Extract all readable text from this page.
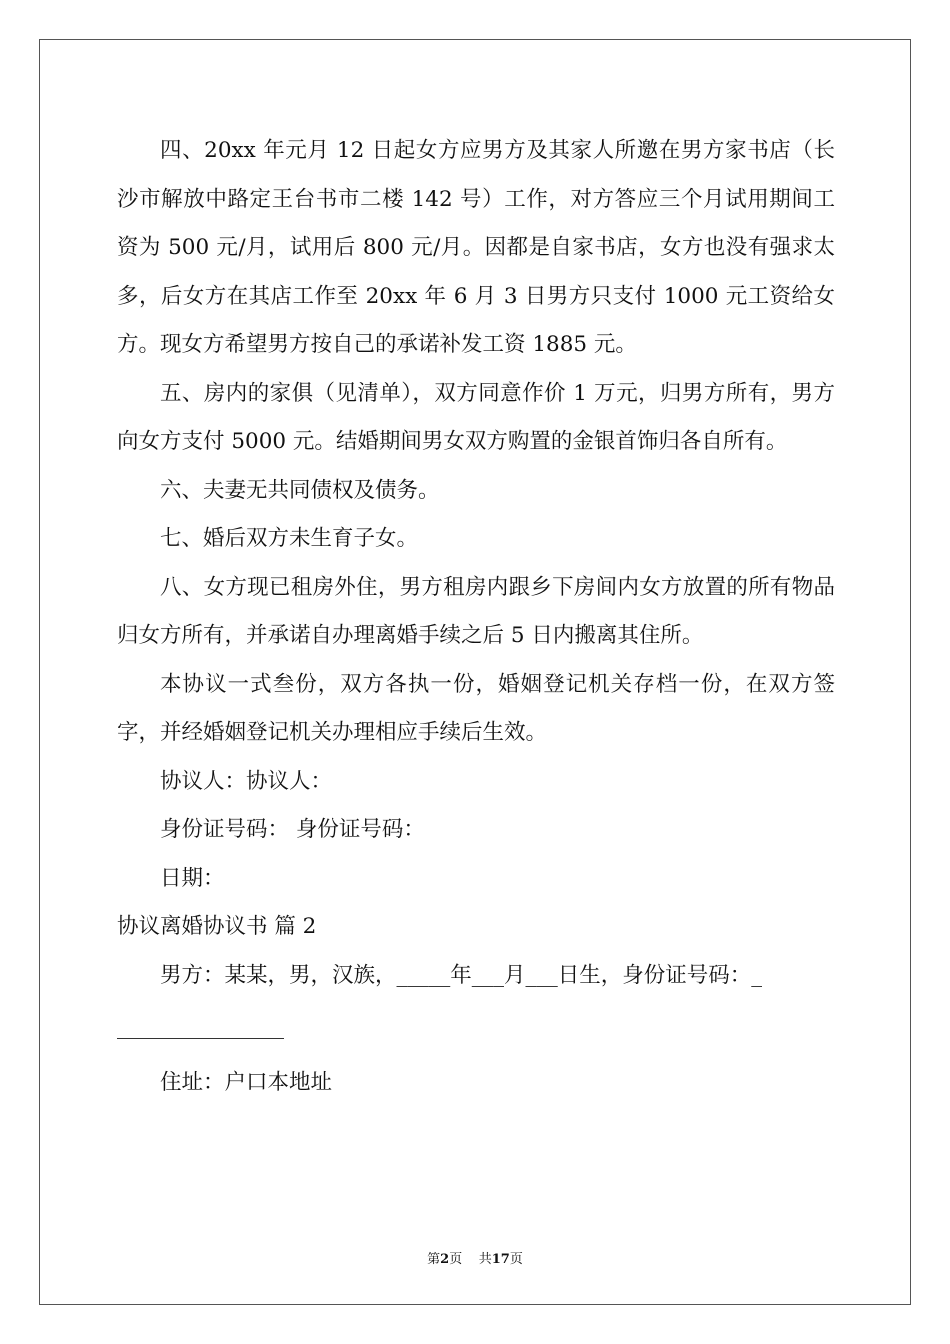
四、20xx 年元月 12 日起女方应男方及其家人所邀在男方家书店（长沙市解放中路定王台书市二楼 142 号）工作，对方答应三个月试用期间工资为 500 元/月，试用后 800 元/月。因都是自家书店，女方也没有强求太多，后女方在其店工作至 20xx 年 6 月 3 日男方只支付 1000 元工资给女方。现女方希望男方按自己的承诺补发工资 1885 元。

五、房内的家俱（见清单），双方同意作价 1 万元，归男方所有，男方向女方支付 5000 元。结婚期间男女双方购置的金银首饰归各自所有。

六、夫妻无共同债权及债务。

七、婚后双方未生育子女。

八、女方现已租房外住，男方租房内跟乡下房间内女方放置的所有物品归女方所有，并承诺自办理离婚手续之后 5 日内搬离其住所。

本协议一式叁份，双方各执一份，婚姻登记机关存档一份，在双方签字，并经婚姻登记机关办理相应手续后生效。

协议人：协议人：

身份证号码： 身份证号码：

日期：

协议离婚协议书 篇 2

男方：某某，男，汉族，_____年___月___日生，身份证号码：_

住址：户口本地址

第2页 共17页
